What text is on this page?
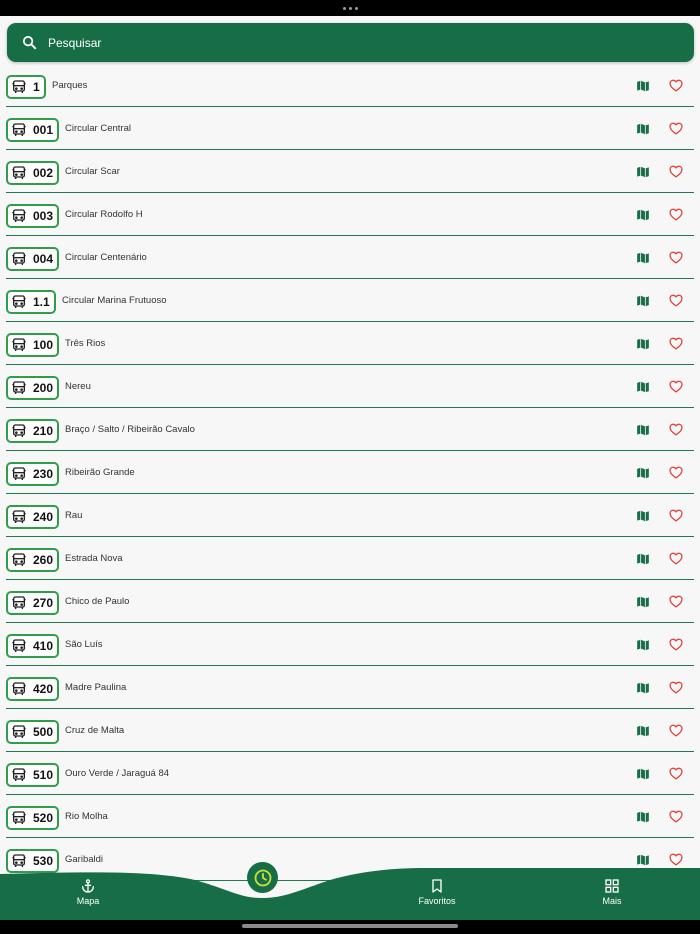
Pesquisar
1 Parques
001 Circular Central
002 Circular Scar
003 Circular Rodolfo H
004 Circular Centenário
1.1 Circular Marina Frutuoso
100 Três Rios
200 Nereu
210 Braço / Salto / Ribeirão Cavalo
230 Ribeirão Grande
240 Rau
260 Estrada Nova
270 Chico de Paulo
410 São Luís
420 Madre Paulina
500 Cruz de Malta
510 Ouro Verde / Jaraguá 84
520 Rio Molha
530 Garibaldi
Mapa	Favoritos	Mais
